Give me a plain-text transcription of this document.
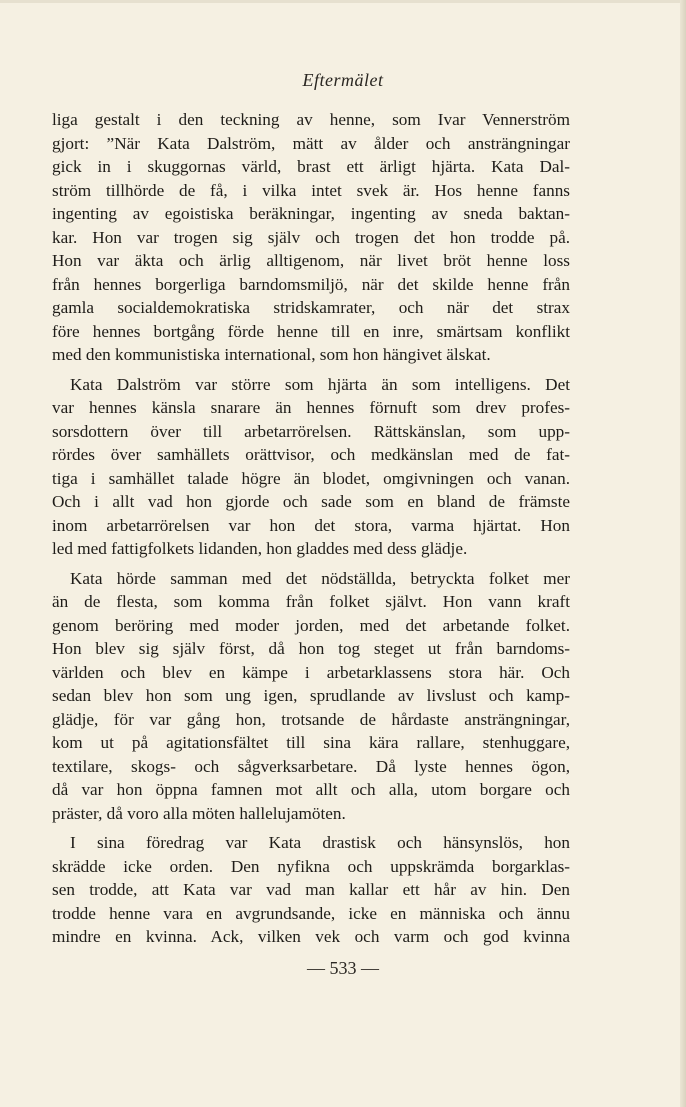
Eftermälet
liga gestalt i den teckning av henne, som Ivar Vennerström
gjort: ”När Kata Dalström, mätt av ålder och ansträngningar
gick in i skuggornas värld, brast ett ärligt hjärta. Kata Dal-
ström tillhörde de få, i vilka intet svek är. Hos henne fanns
ingenting av egoistiska beräkningar, ingenting av sneda baktan-
kar. Hon var trogen sig själv och trogen det hon trodde på.
Hon var äkta och ärlig alltigenom, när livet bröt henne loss
från hennes borgerliga barndomsmiljö, när det skilde henne från
gamla socialdemokratiska stridskamrater, och när det strax
före hennes bortgång förde henne till en inre, smärtsam konflikt
med den kommunistiska international, som hon hängivet älskat.
Kata Dalström var större som hjärta än som intelligens. Det
var hennes känsla snarare än hennes förnuft som drev profes-
sorsdottern över till arbetarrörelsen. Rättskänslan, som upp-
rördes över samhällets orättvisor, och medkänslan med de fat-
tiga i samhället talade högre än blodet, omgivningen och vanan.
Och i allt vad hon gjorde och sade som en bland de främste
inom arbetarrörelsen var hon det stora, varma hjärtat. Hon
led med fattigfolkets lidanden, hon gladdes med dess glädje.
Kata hörde samman med det nödställda, betryckta folket mer
än de flesta, som komma från folket självt. Hon vann kraft
genom beröring med moder jorden, med det arbetande folket.
Hon blev sig själv först, då hon tog steget ut från barndoms-
världen och blev en kämpe i arbetarklassens stora här. Och
sedan blev hon som ung igen, sprudlande av livslust och kamp-
glädje, för var gång hon, trotsande de hårdaste ansträngningar,
kom ut på agitationsfältet till sina kära rallare, stenhuggare,
textilare, skogs- och sågverksarbetare. Då lyste hennes ögon,
då var hon öppna famnen mot allt och alla, utom borgare och
präster, då voro alla möten hallelujamöten.
I sina föredrag var Kata drastisk och hänsynslös, hon
skrädde icke orden. Den nyfikna och uppskrämda borgarklas-
sen trodde, att Kata var vad man kallar ett hår av hin. Den
trodde henne vara en avgrundsande, icke en människa och ännu
mindre en kvinna. Ack, vilken vek och varm och god kvinna
— 533 —
